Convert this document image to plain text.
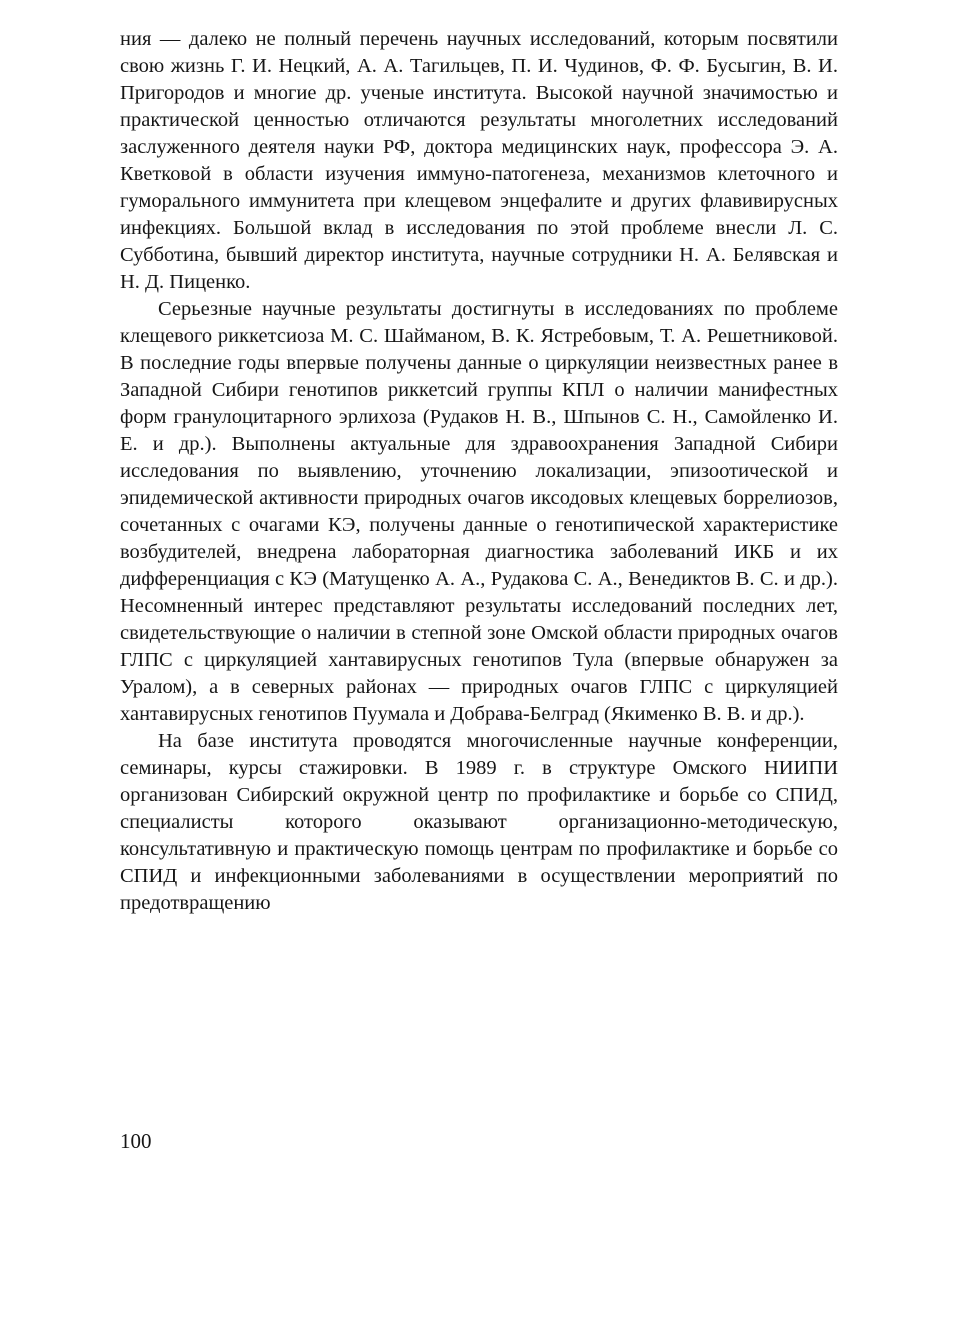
ния — далеко не полный перечень научных исследований, которым посвятили свою жизнь Г. И. Нецкий, А. А. Тагильцев, П. И. Чудинов, Ф. Ф. Бусыгин, В. И. Пригородов и многие др. ученые института. Высокой научной значимостью и практической ценностью отличаются результаты многолетних исследований заслуженного деятеля науки РФ, доктора медицинских наук, профессора Э. А. Кветковой в области изучения иммуно-патогенеза, механизмов клеточного и гуморального иммунитета при клещевом энцефалите и других флавивирусных инфекциях. Большой вклад в исследования по этой проблеме внесли Л. С. Субботина, бывший директор института, научные сотрудники Н. А. Белявская и Н. Д. Пиценко.

Серьезные научные результаты достигнуты в исследованиях по проблеме клещевого риккетсиоза М. С. Шайманом, В. К. Ястребовым, Т. А. Решетниковой. В последние годы впервые получены данные о циркуляции неизвестных ранее в Западной Сибири генотипов риккетсий группы КПЛ о наличии манифестных форм гранулоцитарного эрлихоза (Рудаков Н. В., Шпынов С. Н., Самойленко И. Е. и др.). Выполнены актуальные для здравоохранения Западной Сибири исследования по выявлению, уточнению локализации, эпизоотической и эпидемической активности природных очагов иксодовых клещевых боррелиозов, сочетанных с очагами КЭ, получены данные о генотипической характеристике возбудителей, внедрена лабораторная диагностика заболеваний ИКБ и их дифференциация с КЭ (Матущенко А. А., Рудакова С. А., Венедиктов В. С. и др.). Несомненный интерес представляют результаты исследований последних лет, свидетельствующие о наличии в степной зоне Омской области природных очагов ГЛПС с циркуляцией хантавирусных генотипов Тула (впервые обнаружен за Уралом), а в северных районах — природных очагов ГЛПС с циркуляцией хантавирусных генотипов Пуумала и Добрава-Белград (Якименко В. В. и др.).

На базе института проводятся многочисленные научные конференции, семинары, курсы стажировки. В 1989 г. в структуре Омского НИИПИ организован Сибирский окружной центр по профилактике и борьбе со СПИД, специалисты которого оказывают организационно-методическую, консультативную и практическую помощь центрам по профилактике и борьбе со СПИД и инфекционными заболеваниями в осуществлении мероприятий по предотвращению

100
